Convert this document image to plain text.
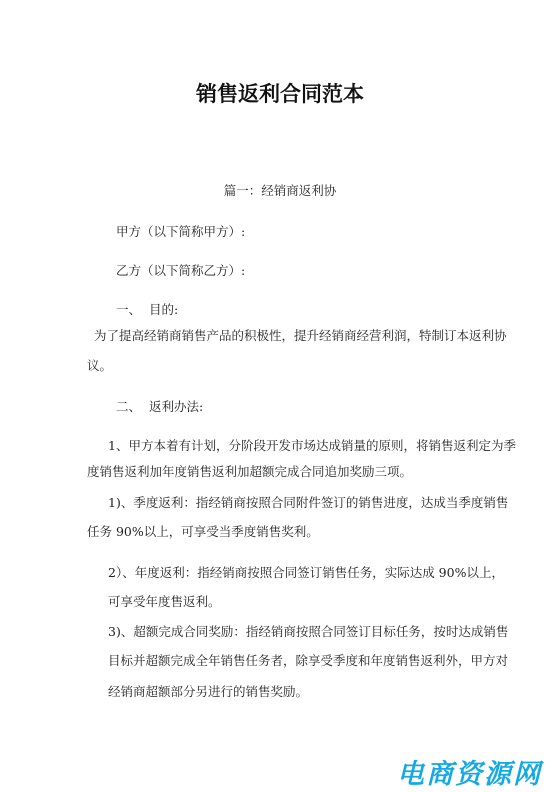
销售返利合同范本
篇一：经销商返利协
甲方（以下简称甲方）:
乙方（以下简称乙方）:
一、  目的:
为了提高经销商销售产品的积极性，提升经销商经营利润，特制订本返利协
议。
二、  返利办法:
1、甲方本着有计划，分阶段开发市场达成销量的原则，将销售返利定为季
度销售返利加年度销售返利加超额完成合同追加奖励三项。
1)、季度返利：指经销商按照合同附件签订的销售进度，达成当季度销售
任务 90%以上，可享受当季度销售奖利。
2）、年度返利：指经销商按照合同签订销售任务，实际达成 90%以上，
可享受年度售返利。
3)、超额完成合同奖励：指经销商按照合同签订目标任务，按时达成销售
目标并超额完成全年销售任务者，除享受季度和年度销售返利外，甲方对
经销商超额部分另进行的销售奖励。
电商资源网
